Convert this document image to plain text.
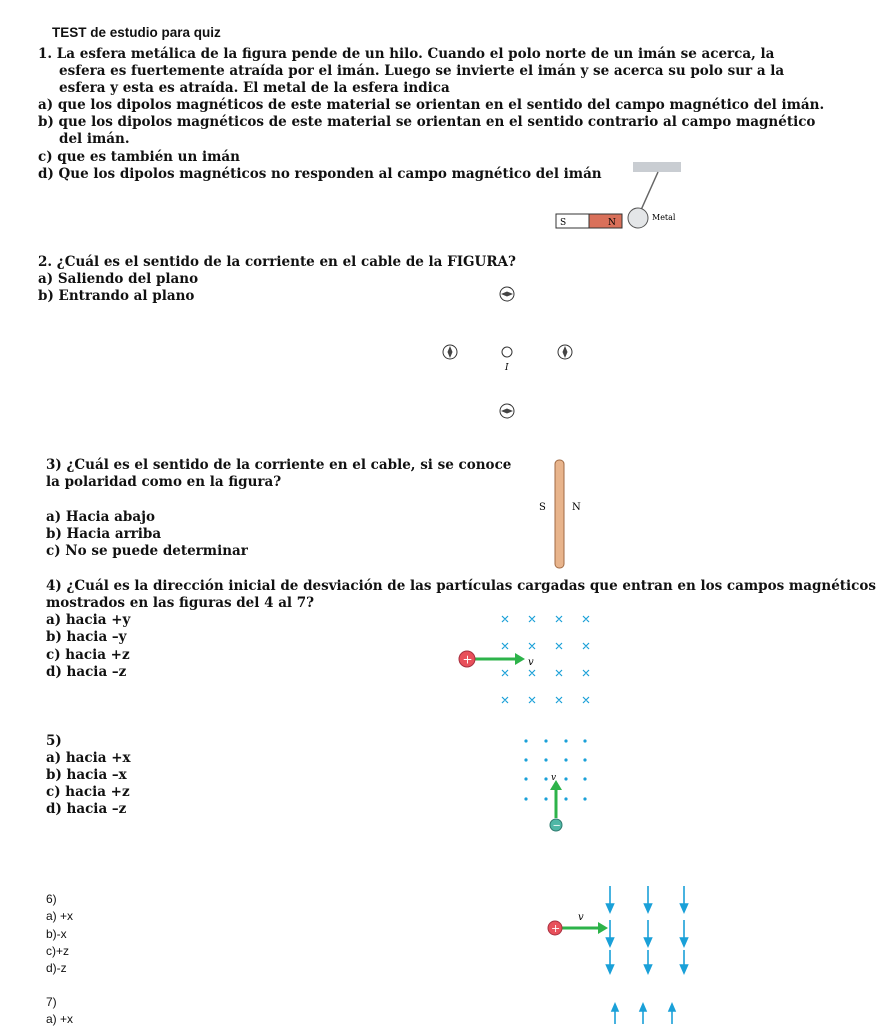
TEST de estudio para quiz
1. La esfera metálica de la figura pende de un hilo. Cuando el polo norte de un imán se acerca, la
esfera es fuertemente atraída por el imán. Luego se invierte el imán y se acerca su polo sur a la
esfera y esta es atraída. El metal de la esfera indica
a) que los dipolos magnéticos de este material se orientan en el sentido del campo magnético del imán.
b) que los dipolos magnéticos de este material se orientan en el sentido contrario al campo magnético
del imán.
c) que es también un imán
d) Que los dipolos magnéticos no responden al campo magnético del imán
S	N
Metal
2. ¿Cuál es el sentido de la corriente en el cable de la FIGURA?
a) Saliendo del plano
b) Entrando al plano
I
3) ¿Cuál es el sentido de la corriente en el cable, si se conoce
la polaridad como en la figura?
a) Hacia abajo
b) Hacia arriba
c) No se puede determinar
S	N
4) ¿Cuál es la dirección inicial de desviación de las partículas cargadas que entran en los campos magnéticos
mostrados en las figuras del 4 al 7?
a) hacia +y
b) hacia –y
c) hacia +z
d) hacia –z
+	v
5)
a) hacia +x
b) hacia –x
c) hacia +z
d) hacia –z
−
v
6)
a) +x
b)-x
c)+z
d)-z
+
v
7)
a) +x
